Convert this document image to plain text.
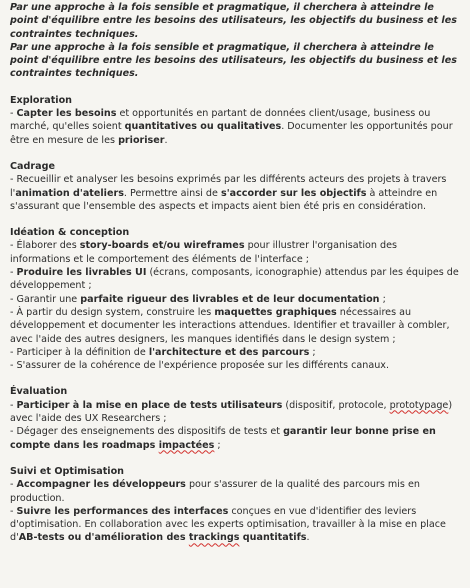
Par une approche à la fois sensible et pragmatique, il cherchera à atteindre le point d'équilibre entre les besoins des utilisateurs, les objectifs du business et les contraintes techniques.

Par une approche à la fois sensible et pragmatique, il cherchera à atteindre le point d'équilibre entre les besoins des utilisateurs, les objectifs du business et les contraintes techniques.

Exploration

- Capter les besoins et opportunités en partant de données client/usage, business ou marché, qu'elles soient quantitatives ou qualitatives. Documenter les opportunités pour être en mesure de les prioriser.

Cadrage

- Recueillir et analyser les besoins exprimés par les différents acteurs des projets à travers l'animation d'ateliers. Permettre ainsi de s'accorder sur les objectifs à atteindre en s'assurant que l'ensemble des aspects et impacts aient bien été pris en considération.

Idéation & conception

- Élaborer des story-boards et/ou wireframes pour illustrer l'organisation des informations et le comportement des éléments de l'interface ;

- Produire les livrables UI (écrans, composants, iconographie) attendus par les équipes de développement ;

- Garantir une parfaite rigueur des livrables et de leur documentation ;

- À partir du design system, construire les maquettes graphiques nécessaires au développement et documenter les interactions attendues. Identifier et travailler à combler, avec l'aide des autres designers, les manques identifiés dans le design system ;

- Participer à la définition de l'architecture et des parcours ;

- S'assurer de la cohérence de l'expérience proposée sur les différents canaux.

Évaluation

- Participer à la mise en place de tests utilisateurs (dispositif, protocole, prototypage) avec l'aide des UX Researchers ;

- Dégager des enseignements des dispositifs de tests et garantir leur bonne prise en compte dans les roadmaps impactées ;

Suivi et Optimisation

- Accompagner les développeurs pour s'assurer de la qualité des parcours mis en production.

- Suivre les performances des interfaces conçues en vue d'identifier des leviers d'optimisation. En collaboration avec les experts optimisation, travailler à la mise en place d'AB-tests ou d'amélioration des trackings quantitatifs.
